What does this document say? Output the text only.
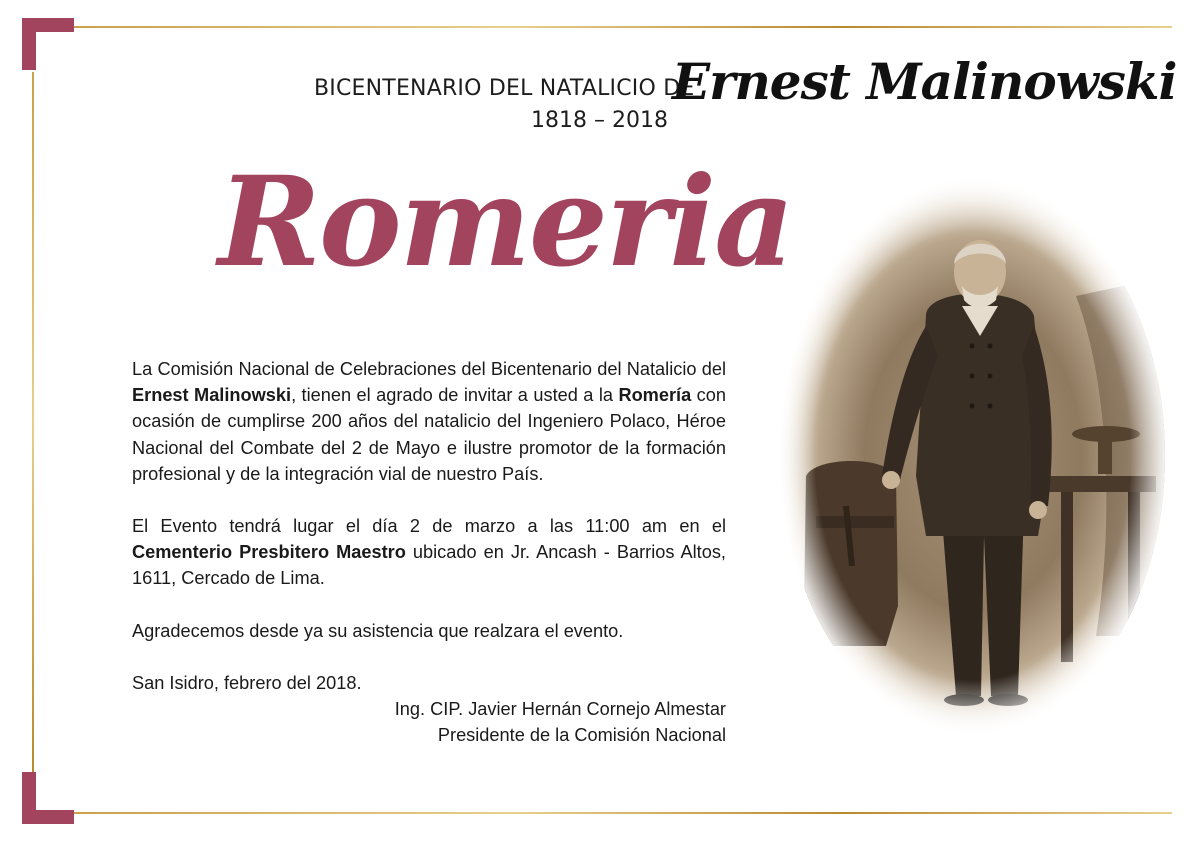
BICENTENARIO DEL NATALICIO DE
1818 – 2018
Ernest Malinowski
Romeria

La Comisión Nacional de Celebraciones del Bicentenario del Natalicio del Ernest Malinowski, tienen el agrado de invitar a usted a la Romería con ocasión de cumplirse 200 años del natalicio del Ingeniero Polaco, Héroe Nacional del Combate del 2 de Mayo e ilustre promotor de la formación profesional y de la integración vial de nuestro País.

El Evento tendrá lugar el día 2 de marzo a las 11:00 am en el Cementerio Presbitero Maestro ubicado en Jr. Ancash - Barrios Altos, 1611, Cercado de Lima.

Agradecemos desde ya su asistencia que realzara el evento.

San Isidro, febrero del 2018.

Ing. CIP. Javier Hernán Cornejo Almestar
Presidente de la Comisión Nacional
